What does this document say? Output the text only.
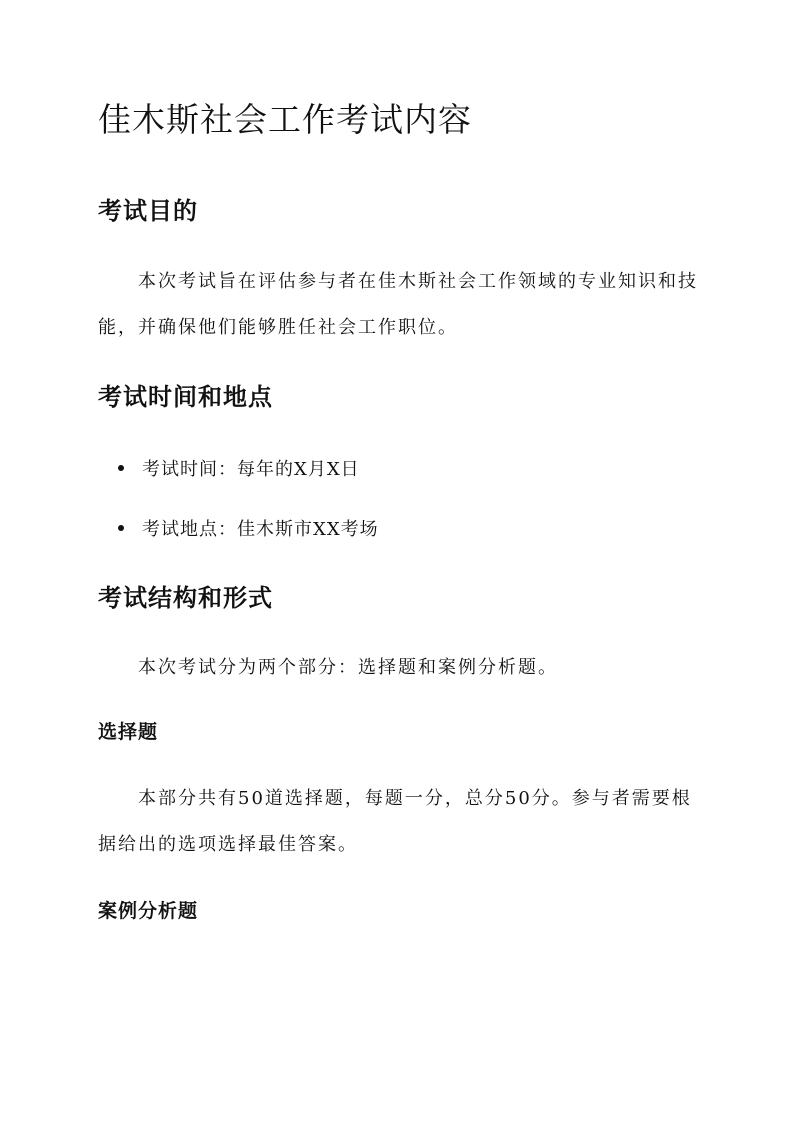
佳木斯社会工作考试内容
考试目的

本次考试旨在评估参与者在佳木斯社会工作领域的专业知识和技能，并确保他们能够胜任社会工作职位。

考试时间和地点
考试时间：每年的X月X日
考试地点：佳木斯市XX考场
考试结构和形式

本次考试分为两个部分：选择题和案例分析题。

选择题

本部分共有50道选择题，每题一分，总分50分。参与者需要根据给出的选项选择最佳答案。

案例分析题
